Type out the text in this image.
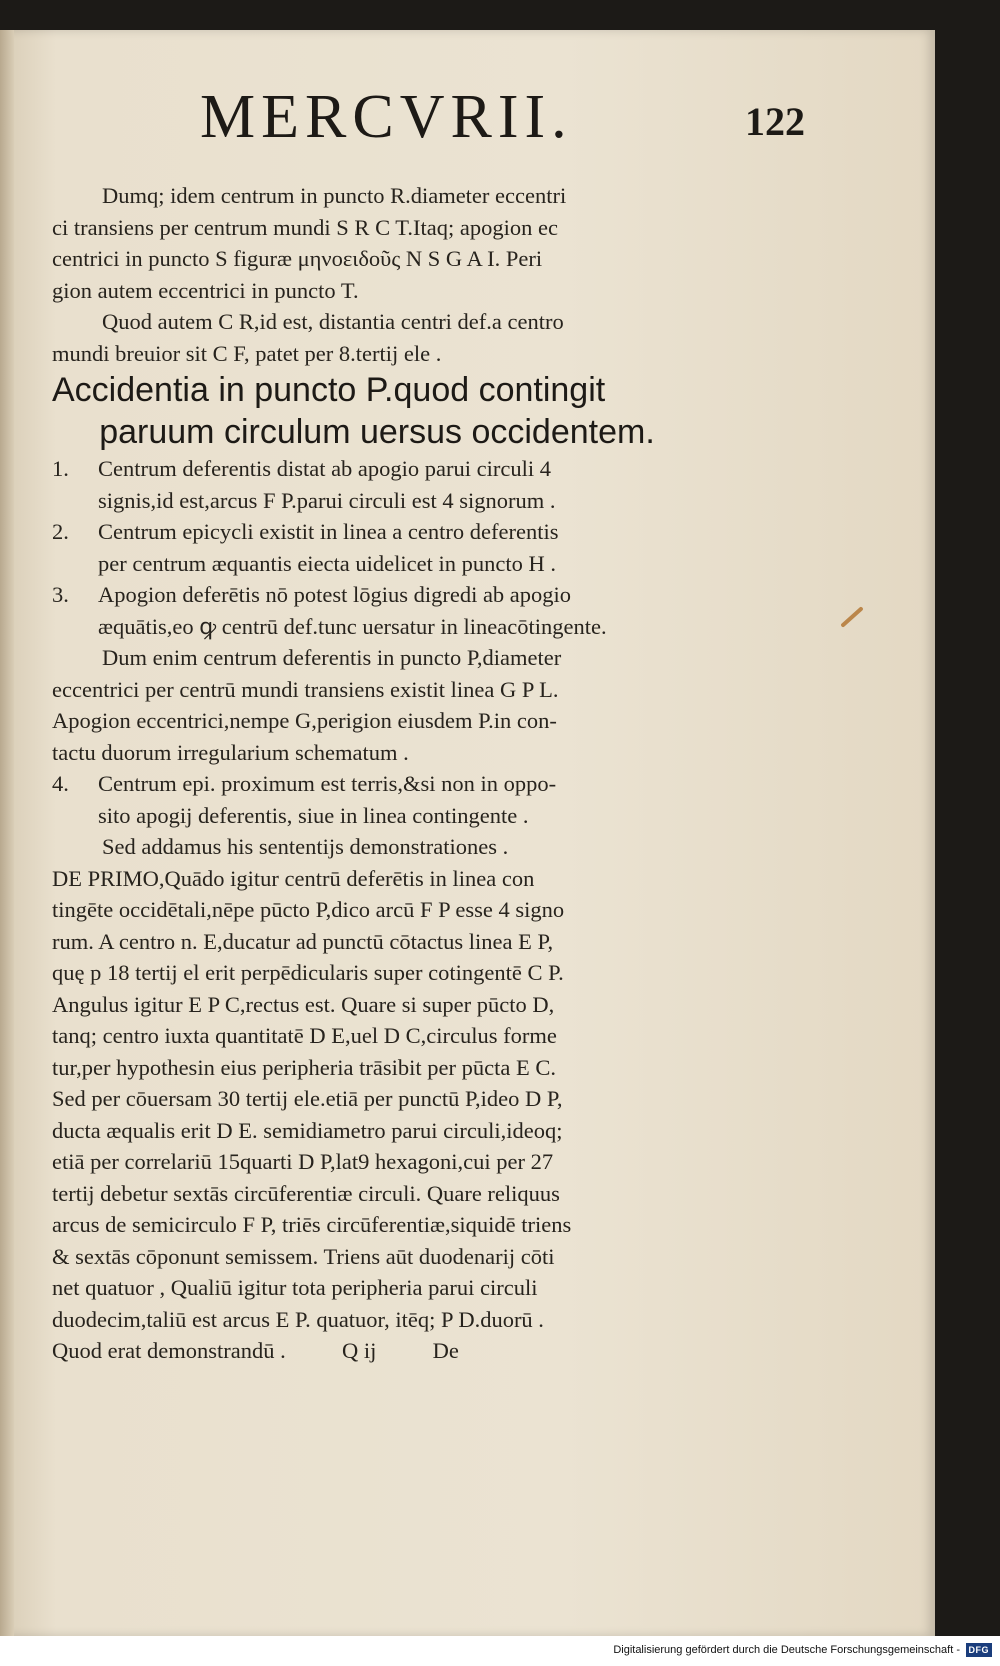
MERCVRII.	122
Dumq; idem centrum in puncto R.diameter eccentri
ci transiens per centrum mundi S R C T.Itaq; apogion ec
centrici in puncto S figuræ μηνοειδοῦς N S G A I. Peri
gion autem eccentrici in puncto T.
Quod autem C R,id est, distantia centri def.a centro
mundi breuior sit C F, patet per 8.tertij ele .
Accidentia in puncto P.quod contingit
paruum circulum uersus occidentem.
1. Centrum deferentis distat ab apogio parui circuli 4
signis,id est,arcus F P.parui circuli est 4 signorum .
2. Centrum epicycli existit in linea a centro deferentis
per centrum æquantis eiecta uidelicet in puncto H .
3. Apogion deferētis nō potest lōgius digredi ab apogio
æquātis,eo ꝙ centrū def.tunc uersatur in lineacōtingente.
Dum enim centrum deferentis in puncto P,diameter
eccentrici per centrū mundi transiens existit linea G P L.
Apogion eccentrici,nempe G,perigion eiusdem P.in con-
tactu duorum irregularium schematum .
4. Centrum epi. proximum est terris,&si non in oppo-
sito apogij deferentis, siue in linea contingente .
Sed addamus his sententijs demonstrationes .
DE PRIMO,Quādo igitur centrū deferētis in linea con
tingēte occidētali,nēpe pūcto P,dico arcū F P esse 4 signo
rum. A centro n. E,ducatur ad punctū cōtactus linea E P,
quę p 18 tertij el erit perpēdicularis super cotingentē C P.
Angulus igitur E P C,rectus est. Quare si super pūcto D,
tanq; centro iuxta quantitatē D E,uel D C,circulus forme
tur,per hypothesin eius peripheria trāsibit per pūcta E C.
Sed per cōuersam 30 tertij ele.etiā per punctū P,ideo D P,
ducta æqualis erit D E. semidiametro parui circuli,ideoq;
etiā per correlariū 15quarti D P,lat9 hexagoni,cui per 27
tertij debetur sextās circūferentiæ circuli. Quare reliquus
arcus de semicirculo F P, triēs circūferentiæ,siquidē triens
& sextās cōponunt semissem. Triens aūt duodenarij cōti
net quatuor , Qualiū igitur tota peripheria parui circuli
duodecim,taliū est arcus E P. quatuor, itēq; P D.duorū .
Quod erat demonstrandū .          Q ij          De
Digitalisierung gefördert durch die Deutsche Forschungsgemeinschaft - DFG
